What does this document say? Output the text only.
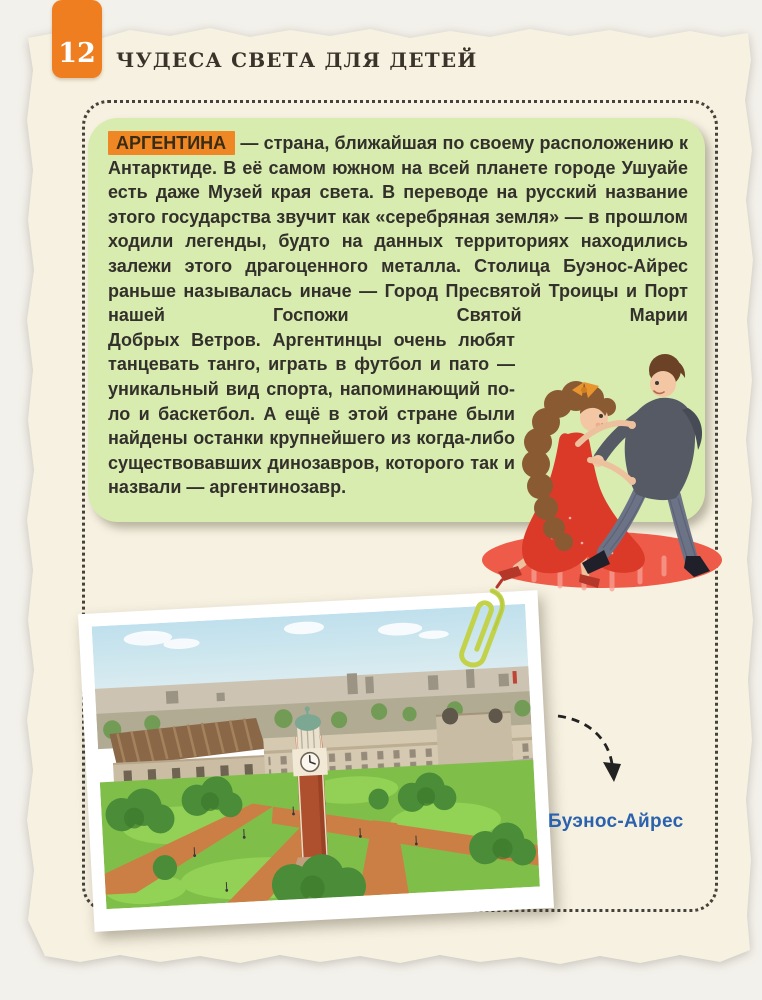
12 ЧУДЕСА СВЕТА ДЛЯ ДЕТЕЙ

АРГЕНТИНА — страна, ближайшая по своему расположению к Антарктиде. В её самом южном на всей планете городе Ушуайе есть даже Музей края света. В переводе на русский название этого государства звучит как «серебряная земля» — в прошлом ходили легенды, будто на данных территориях находились залежи этого драгоценного металла. Столица Буэнос-Айрес раньше называлась иначе — Город Пресвятой Троицы и Порт нашей Госпожи Святой Марии

Добрых Ветров. Аргентинцы очень любят танцевать танго, играть в футбол и пато — уникальный вид спорта, напоминающий поло и баскетбол. А ещё в этой стране были найдены останки крупнейшего из когда-либо существовавших динозавров, которого так и назвали — аргентинозавр.

Буэнос-Айрес
